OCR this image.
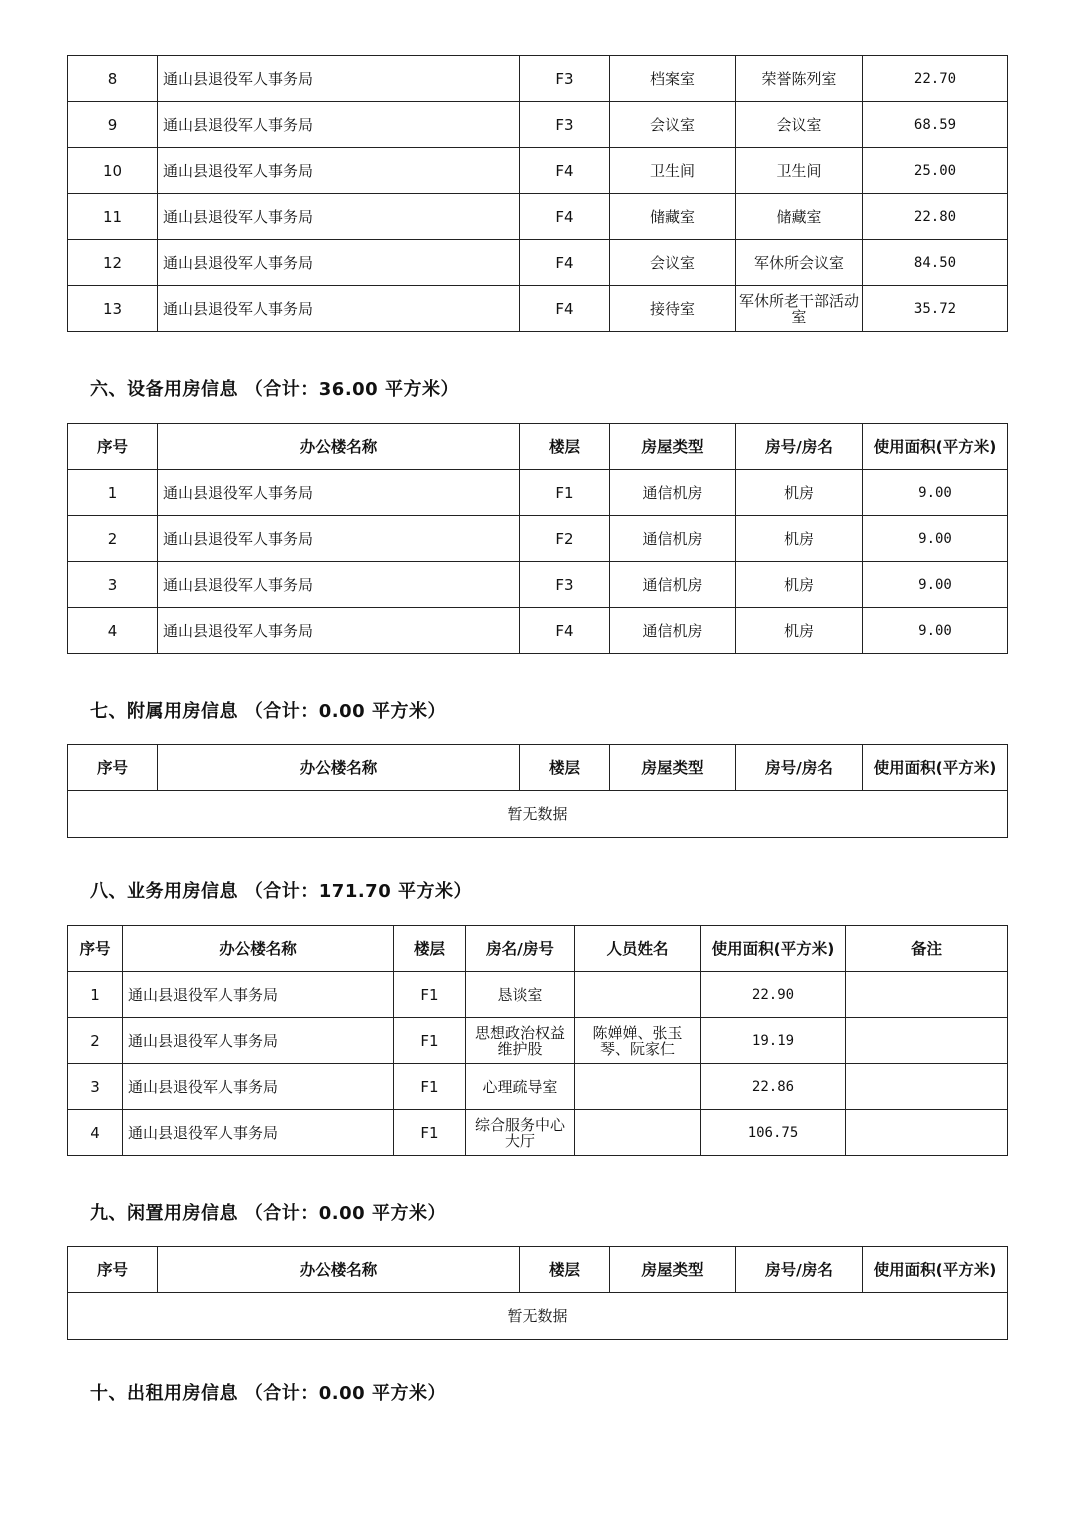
8	通山县退役军人事务局	F3	档案室	荣誉陈列室	22.70
9	通山县退役军人事务局	F3	会议室	会议室	68.59
10	通山县退役军人事务局	F4	卫生间	卫生间	25.00
11	通山县退役军人事务局	F4	储藏室	储藏室	22.80
12	通山县退役军人事务局	F4	会议室	军休所会议室	84.50
13	通山县退役军人事务局	F4	接待室	军休所老干部活动室	35.72
六、设备用房信息 （合计：36.00 平方米）
序号	办公楼名称	楼层	房屋类型	房号/房名	使用面积(平方米)
1	通山县退役军人事务局	F1	通信机房	机房	9.00
2	通山县退役军人事务局	F2	通信机房	机房	9.00
3	通山县退役军人事务局	F3	通信机房	机房	9.00
4	通山县退役军人事务局	F4	通信机房	机房	9.00
七、附属用房信息 （合计：0.00 平方米）
序号	办公楼名称	楼层	房屋类型	房号/房名	使用面积(平方米)
暂无数据
八、业务用房信息 （合计：171.70 平方米）
序号	办公楼名称	楼层	房名/房号	人员姓名	使用面积(平方米)	备注
1	通山县退役军人事务局	F1	恳谈室		22.90	
2	通山县退役军人事务局	F1	思想政治权益维护股	陈婵婵、张玉琴、阮家仁	19.19	
3	通山县退役军人事务局	F1	心理疏导室		22.86	
4	通山县退役军人事务局	F1	综合服务中心大厅		106.75	
九、闲置用房信息 （合计：0.00 平方米）
序号	办公楼名称	楼层	房屋类型	房号/房名	使用面积(平方米)
暂无数据
十、出租用房信息 （合计：0.00 平方米）
